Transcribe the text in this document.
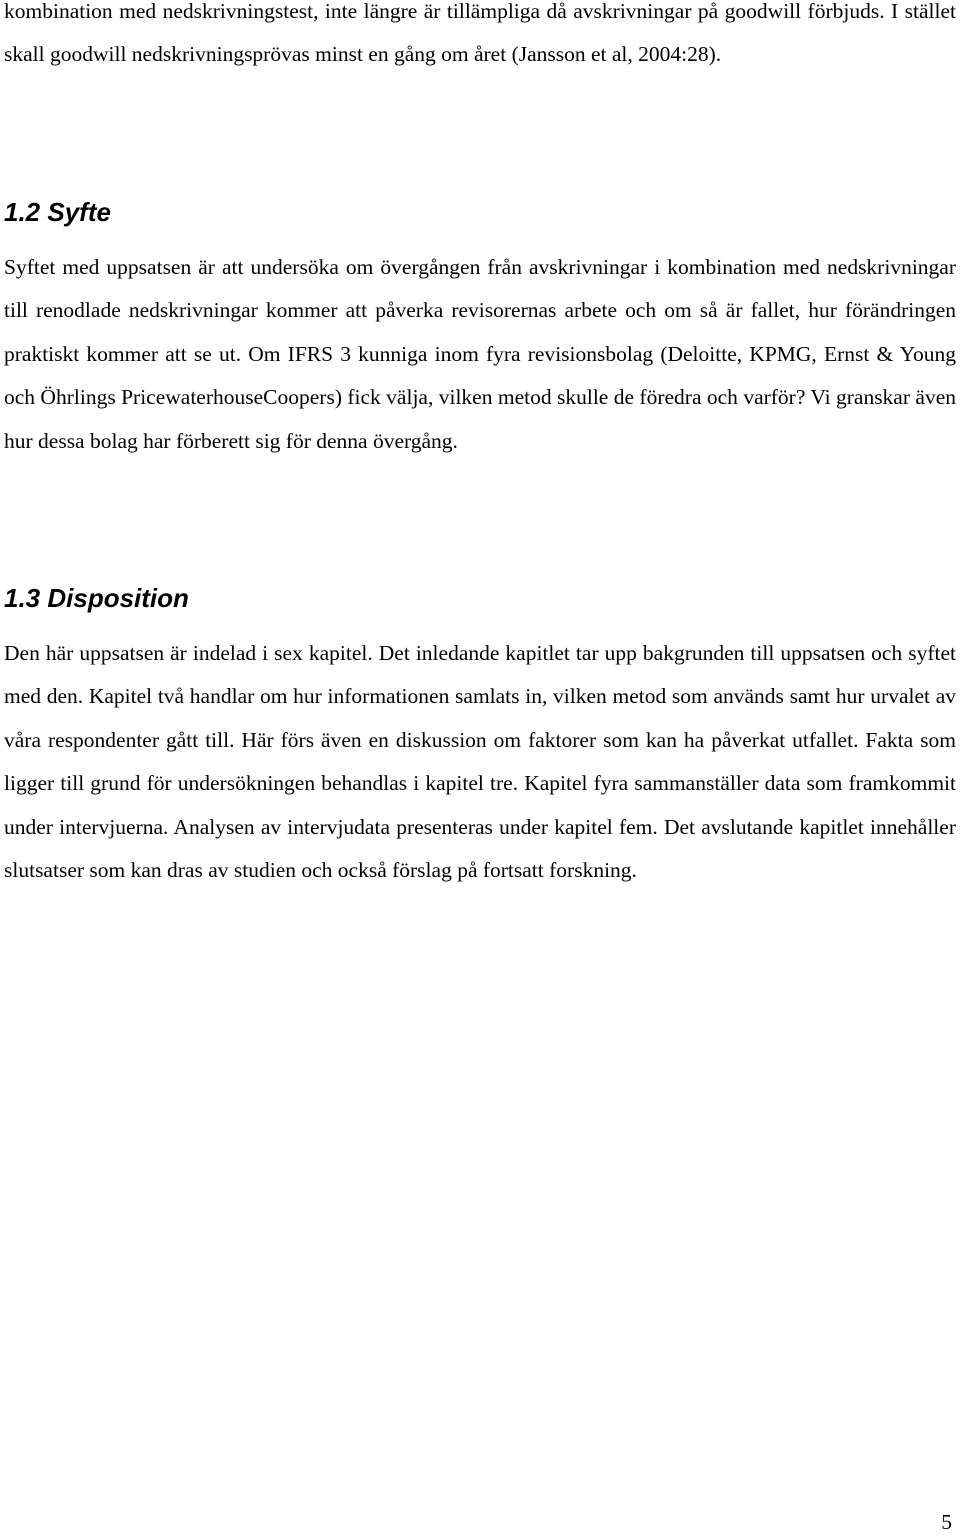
kombination med nedskrivningstest, inte längre är tillämpliga då avskrivningar på goodwill förbjuds. I stället skall goodwill nedskrivningsprövas minst en gång om året (Jansson et al, 2004:28).

1.2 Syfte

Syftet med uppsatsen är att undersöka om övergången från avskrivningar i kombination med nedskrivningar till renodlade nedskrivningar kommer att påverka revisorernas arbete och om så är fallet, hur förändringen praktiskt kommer att se ut. Om IFRS 3 kunniga inom fyra revisionsbolag (Deloitte, KPMG, Ernst & Young och Öhrlings PricewaterhouseCoopers) fick välja, vilken metod skulle de föredra och varför? Vi granskar även hur dessa bolag har förberett sig för denna övergång.

1.3 Disposition

Den här uppsatsen är indelad i sex kapitel. Det inledande kapitlet tar upp bakgrunden till uppsatsen och syftet med den. Kapitel två handlar om hur informationen samlats in, vilken metod som används samt hur urvalet av våra respondenter gått till. Här förs även en diskussion om faktorer som kan ha påverkat utfallet. Fakta som ligger till grund för undersökningen behandlas i kapitel tre. Kapitel fyra sammanställer data som framkommit under intervjuerna. Analysen av intervjudata presenteras under kapitel fem. Det avslutande kapitlet innehåller slutsatser som kan dras av studien och också förslag på fortsatt forskning.

5
